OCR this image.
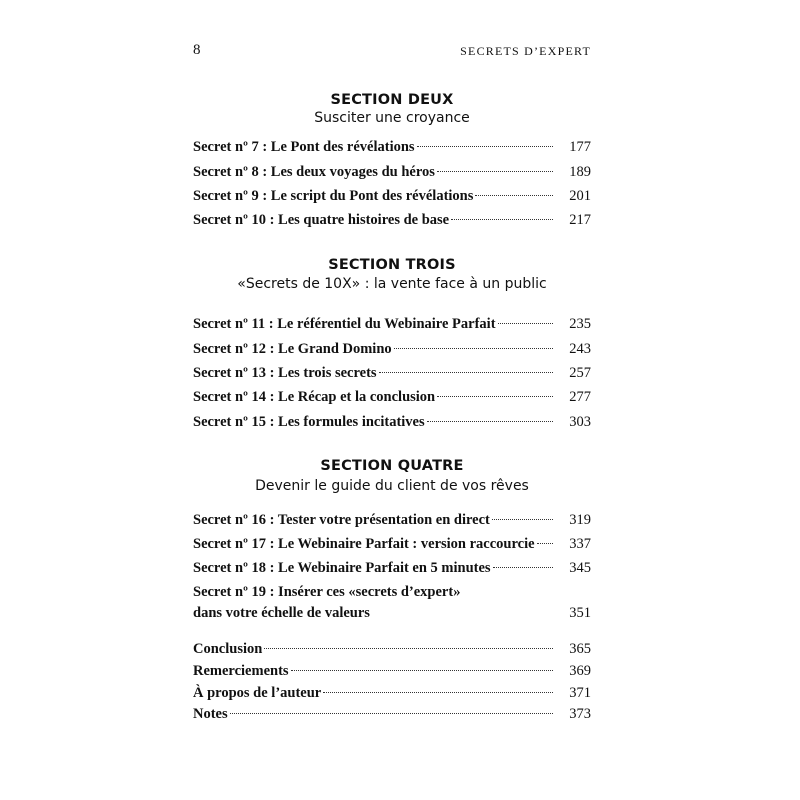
8	SECRETS D’EXPERT
SECTION DEUX
Susciter une croyance
Secret nº 7 : Le Pont des révélations	177
Secret nº 8 : Les deux voyages du héros	189
Secret nº 9 : Le script du Pont des révélations	201
Secret nº 10 : Les quatre histoires de base	217
SECTION TROIS
«Secrets de 10X» : la vente face à un public
Secret nº 11 : Le référentiel du Webinaire Parfait	235
Secret nº 12 : Le Grand Domino	243
Secret nº 13 : Les trois secrets	257
Secret nº 14 : Le Récap et la conclusion	277
Secret nº 15 : Les formules incitatives	303
SECTION QUATRE
Devenir le guide du client de vos rêves
Secret nº 16 : Tester votre présentation en direct	319
Secret nº 17 : Le Webinaire Parfait : version raccourcie 337
Secret nº 18 : Le Webinaire Parfait en 5 minutes	345
Secret nº 19 : Insérer ces «secrets d’expert»
dans votre échelle de valeurs	351
Conclusion	365
Remerciements	369
À propos de l’auteur	371
Notes	373
